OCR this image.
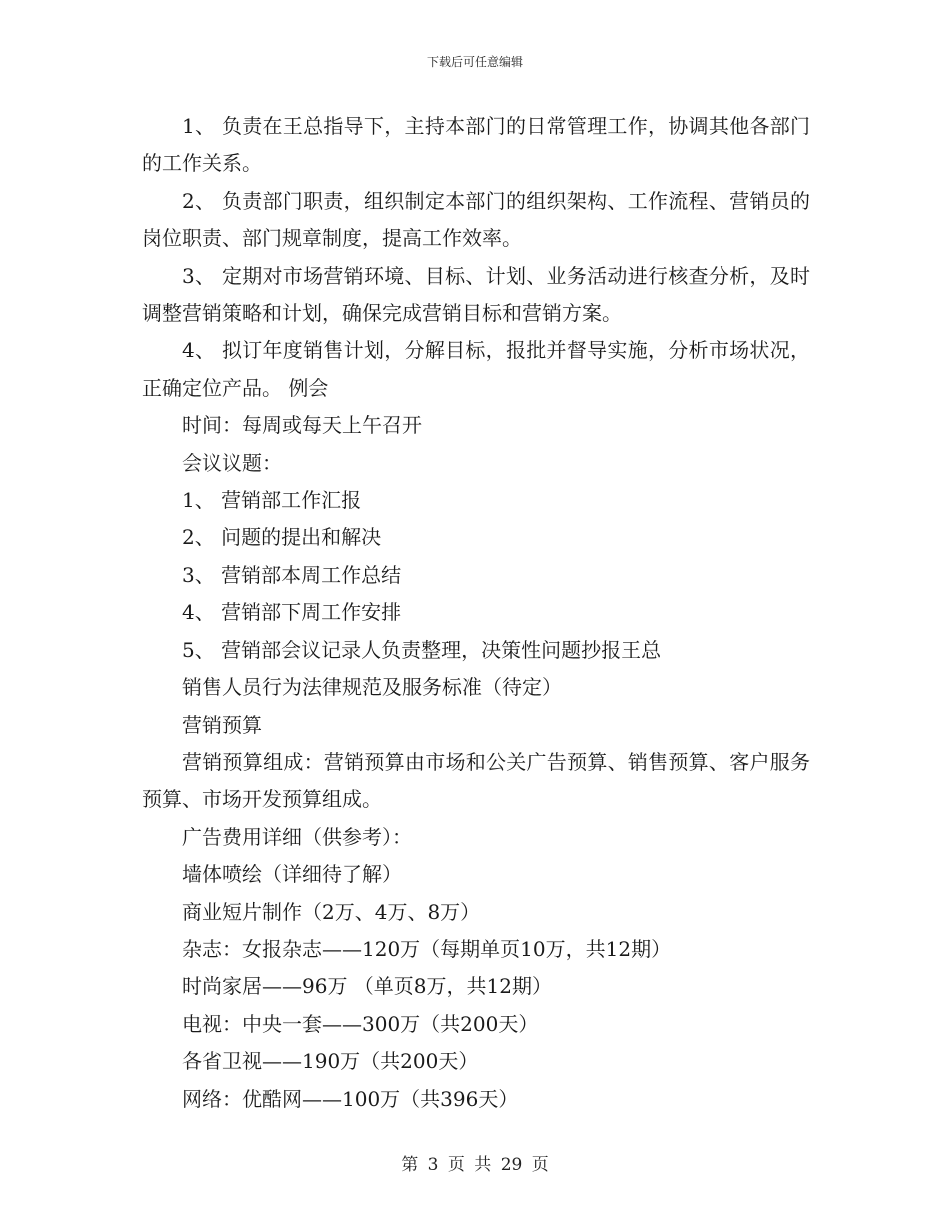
下载后可任意编辑

1、 负责在王总指导下，主持本部门的日常管理工作，协调其他各部门的工作关系。

2、 负责部门职责，组织制定本部门的组织架构、工作流程、营销员的岗位职责、部门规章制度，提高工作效率。

3、 定期对市场营销环境、目标、计划、业务活动进行核查分析，及时调整营销策略和计划，确保完成营销目标和营销方案。

4、 拟订年度销售计划，分解目标，报批并督导实施，分析市场状况，正确定位产品。 例会

时间：每周或每天上午召开

会议议题：

1、 营销部工作汇报

2、 问题的提出和解决

3、 营销部本周工作总结

4、 营销部下周工作安排

5、 营销部会议记录人负责整理，决策性问题抄报王总

销售人员行为法律规范及服务标准（待定）

营销预算

营销预算组成：营销预算由市场和公关广告预算、销售预算、客户服务预算、市场开发预算组成。

广告费用详细（供参考）：

墙体喷绘（详细待了解）

商业短片制作（2万、4万、8万）

杂志：女报杂志——120万（每期单页10万，共12期）

时尚家居——96万 （单页8万，共12期）

电视：中央一套——300万（共200天）

各省卫视——190万（共200天）

网络：优酷网——100万（共396天）

第 3 页 共 29 页
